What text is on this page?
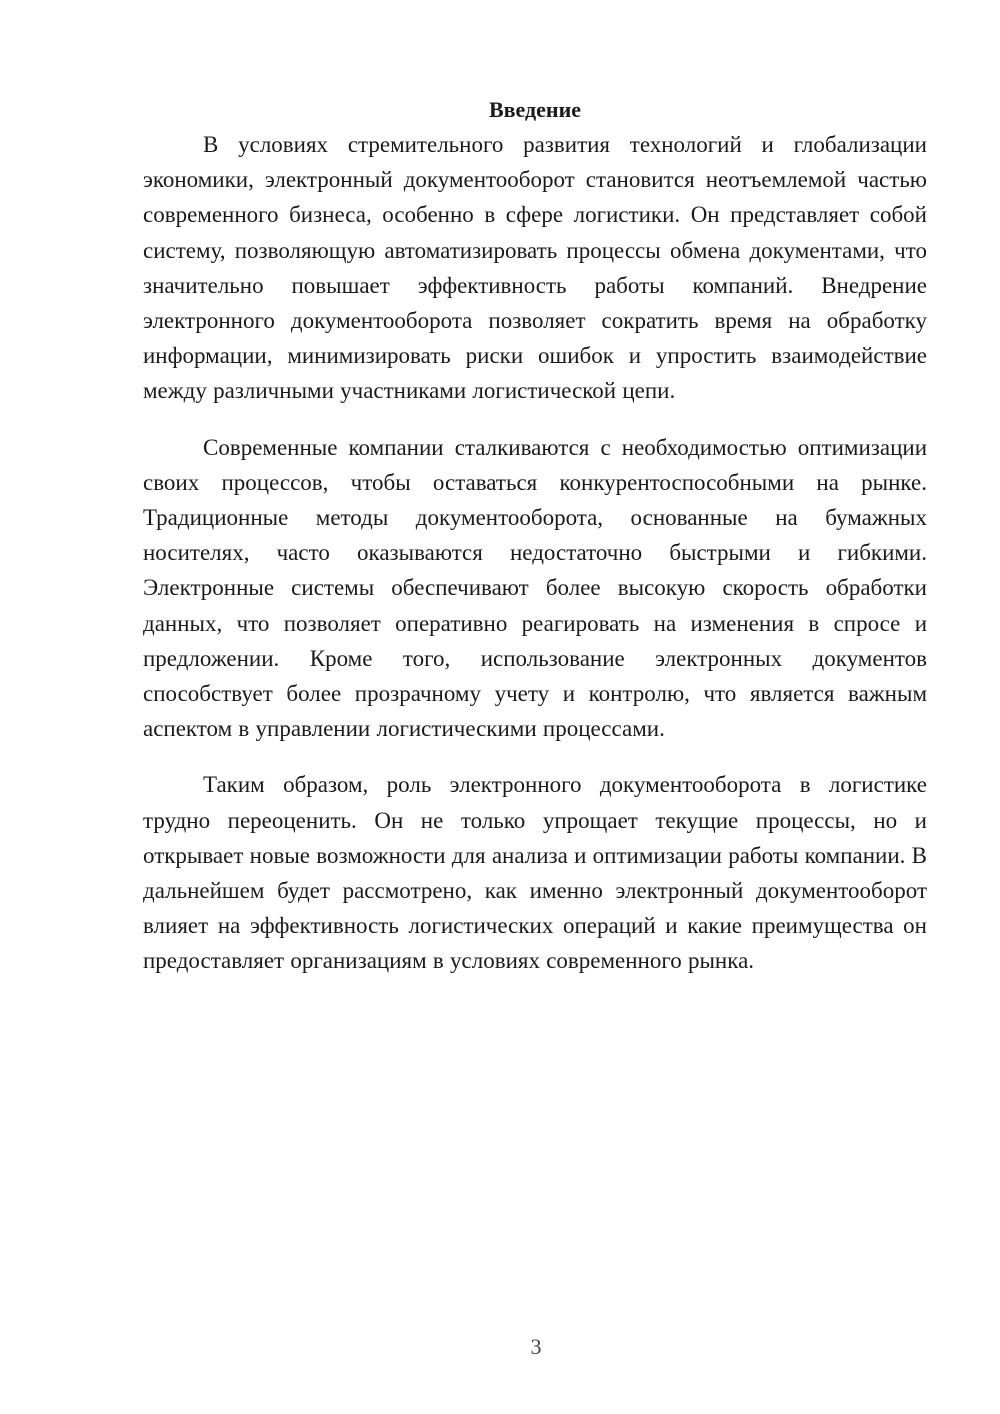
Введение

В условиях стремительного развития технологий и глобализации экономики, электронный документооборот становится неотъемлемой частью современного бизнеса, особенно в сфере логистики. Он представляет собой систему, позволяющую автоматизировать процессы обмена документами, что значительно повышает эффективность работы компаний. Внедрение электронного документооборота позволяет сократить время на обработку информации, минимизировать риски ошибок и упростить взаимодействие между различными участниками логистической цепи.

Современные компании сталкиваются с необходимостью оптимизации своих процессов, чтобы оставаться конкурентоспособными на рынке. Традиционные методы документооборота, основанные на бумажных носителях, часто оказываются недостаточно быстрыми и гибкими. Электронные системы обеспечивают более высокую скорость обработки данных, что позволяет оперативно реагировать на изменения в спросе и предложении. Кроме того, использование электронных документов способствует более прозрачному учету и контролю, что является важным аспектом в управлении логистическими процессами.

Таким образом, роль электронного документооборота в логистике трудно переоценить. Он не только упрощает текущие процессы, но и открывает новые возможности для анализа и оптимизации работы компании. В дальнейшем будет рассмотрено, как именно электронный документооборот влияет на эффективность логистических операций и какие преимущества он предоставляет организациям в условиях современного рынка.

3
